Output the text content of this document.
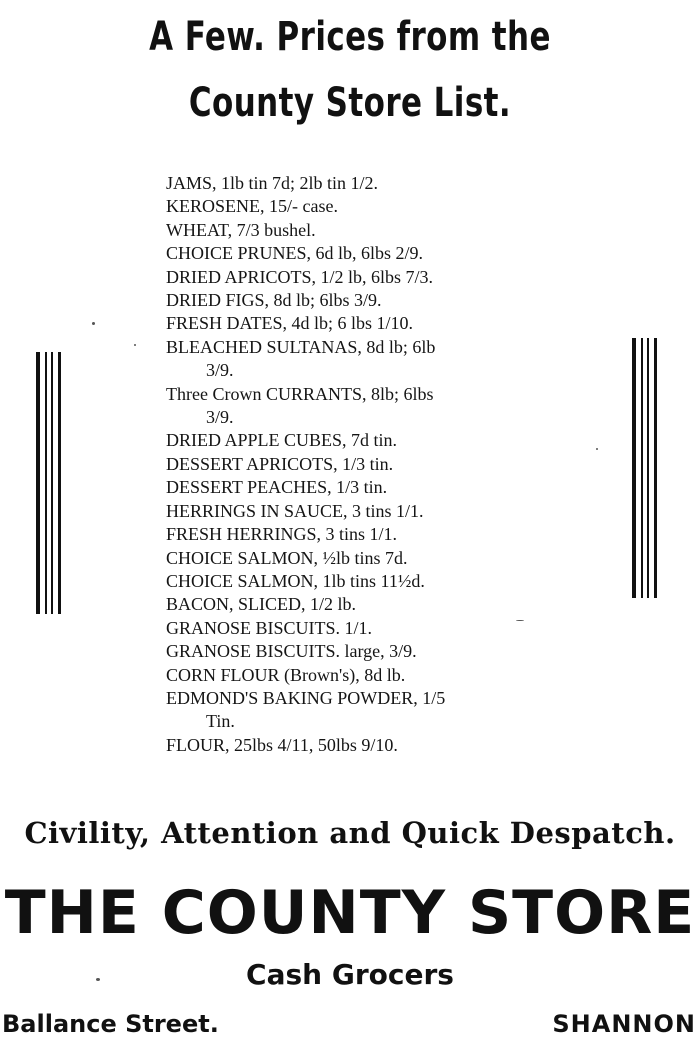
A Few. Prices from the
County Store List.
JAMS, 1lb tin 7d; 2lb tin 1/2.
KEROSENE, 15/- case.
WHEAT, 7/3 bushel.
CHOICE PRUNES, 6d lb, 6lbs 2/9.
DRIED APRICOTS, 1/2 lb, 6lbs 7/3.
DRIED FIGS, 8d lb; 6lbs 3/9.
FRESH DATES, 4d lb; 6 lbs 1/10.
BLEACHED SULTANAS, 8d lb; 6lb
3/9.
Three Crown CURRANTS, 8lb; 6lbs
3/9.
DRIED APPLE CUBES, 7d tin.
DESSERT APRICOTS, 1/3 tin.
DESSERT PEACHES, 1/3 tin.
HERRINGS IN SAUCE, 3 tins 1/1.
FRESH HERRINGS, 3 tins 1/1.
CHOICE SALMON, ½lb tins 7d.
CHOICE SALMON, 1lb tins 11½d.
BACON, SLICED, 1/2 lb.
GRANOSE BISCUITS. 1/1.
GRANOSE BISCUITS. large, 3/9.
CORN FLOUR (Brown's), 8d lb.
EDMOND'S BAKING POWDER, 1/5
Tin.
FLOUR, 25lbs 4/11, 50lbs 9/10.
Civility, Attention and Quick Despatch.
THE COUNTY STORE
Cash Grocers
Ballance Street.	SHANNON
